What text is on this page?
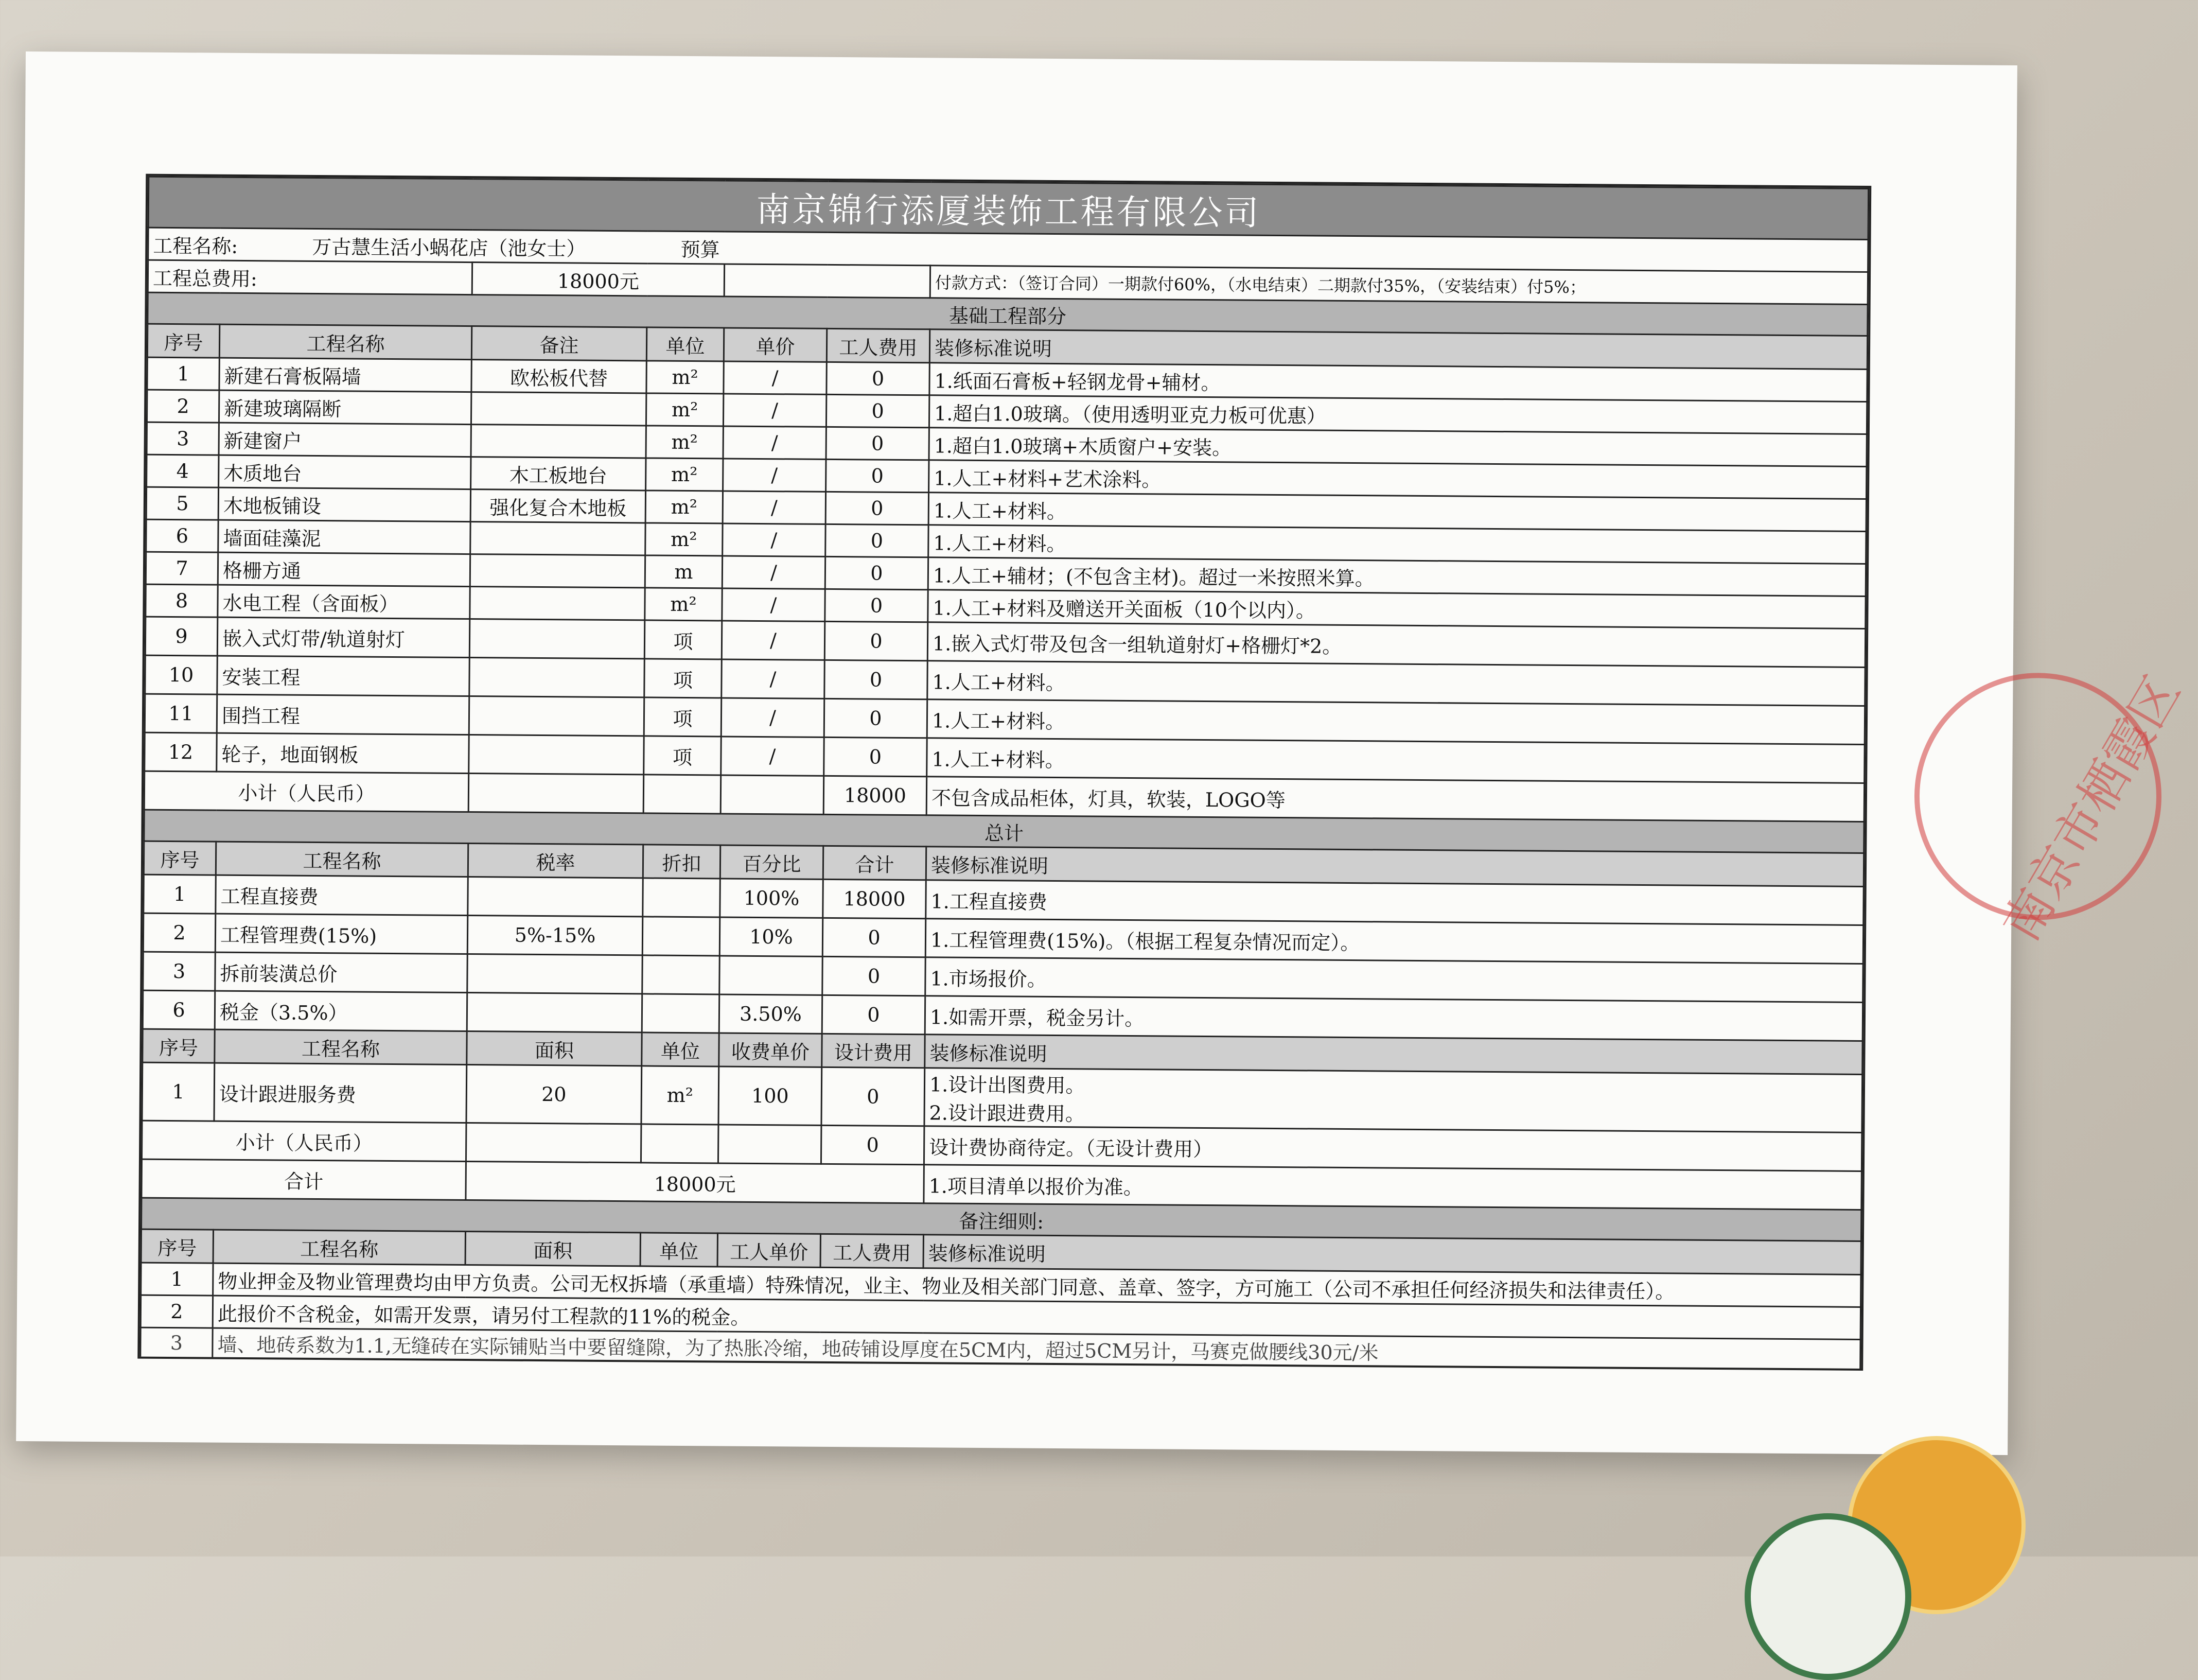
南京锦行添厦装饰工程有限公司						
工程名称: 万古慧生活小蜗花店（池女士） 预算						
工程总费用:		18000元				付款方式：（签订合同）一期款付60%，（水电结束）二期款付35%，（安装结束）付5%；
基础工程部分						
序号	工程名称	备注	单位	单价	工人费用	装修标准说明
1	新建石膏板隔墙	欧松板代替	m²	/	0	1.纸面石膏板+轻钢龙骨+辅材。
2	新建玻璃隔断		m²	/	0	1.超白1.0玻璃。（使用透明亚克力板可优惠）
3	新建窗户		m²	/	0	1.超白1.0玻璃+木质窗户+安装。
4	木质地台	木工板地台	m²	/	0	1.人工+材料+艺术涂料。
5	木地板铺设	强化复合木地板	m²	/	0	1.人工+材料。
6	墙面硅藻泥		m²	/	0	1.人工+材料。
7	格栅方通		m	/	0	1.人工+辅材；(不包含主材)。超过一米按照米算。
8	水电工程（含面板）		m²	/	0	1.人工+材料及赠送开关面板（10个以内）。
9	嵌入式灯带/轨道射灯		项	/	0	1.嵌入式灯带及包含一组轨道射灯+格栅灯*2。
10	安装工程		项	/	0	1.人工+材料。
11	围挡工程		项	/	0	1.人工+材料。
12	轮子，地面钢板		项	/	0	1.人工+材料。
小计（人民币）					18000	不包含成品柜体，灯具，软装，LOGO等
总计						
序号	工程名称	税率	折扣	百分比	合计	装修标准说明
1	工程直接费			100%	18000	1.工程直接费
2	工程管理费(15%)	5%-15%		10%	0	1.工程管理费(15%)。（根据工程复杂情况而定）。
3	拆前装潢总价				0	1.市场报价。
6	税金（3.5%）			3.50%	0	1.如需开票，税金另计。
序号	工程名称	面积	单位	收费单价	设计费用	装修标准说明
1	设计跟进服务费	20	m²	100	0	1.设计出图费用。
2.设计跟进费用。

小计（人民币）					0	设计费协商待定。（无设计费用）
合计		18000元				1.项目清单以报价为准。
备注细则:						
序号	工程名称	面积	单位	工人单价	工人费用	装修标准说明
1	物业押金及物业管理费均由甲方负责。公司无权拆墙（承重墙）特殊情况，业主、物业及相关部门同意、盖章、签字，方可施工（公司不承担任何经济损失和法律责任）。					
2	此报价不含税金，如需开发票，请另付工程款的11%的税金。					
3	墙、地砖系数为1.1,无缝砖在实际铺贴当中要留缝隙，为了热胀冷缩，地砖铺设厚度在5CM内，超过5CM另计，马赛克做腰线30元/米					
南京市栖霞区
